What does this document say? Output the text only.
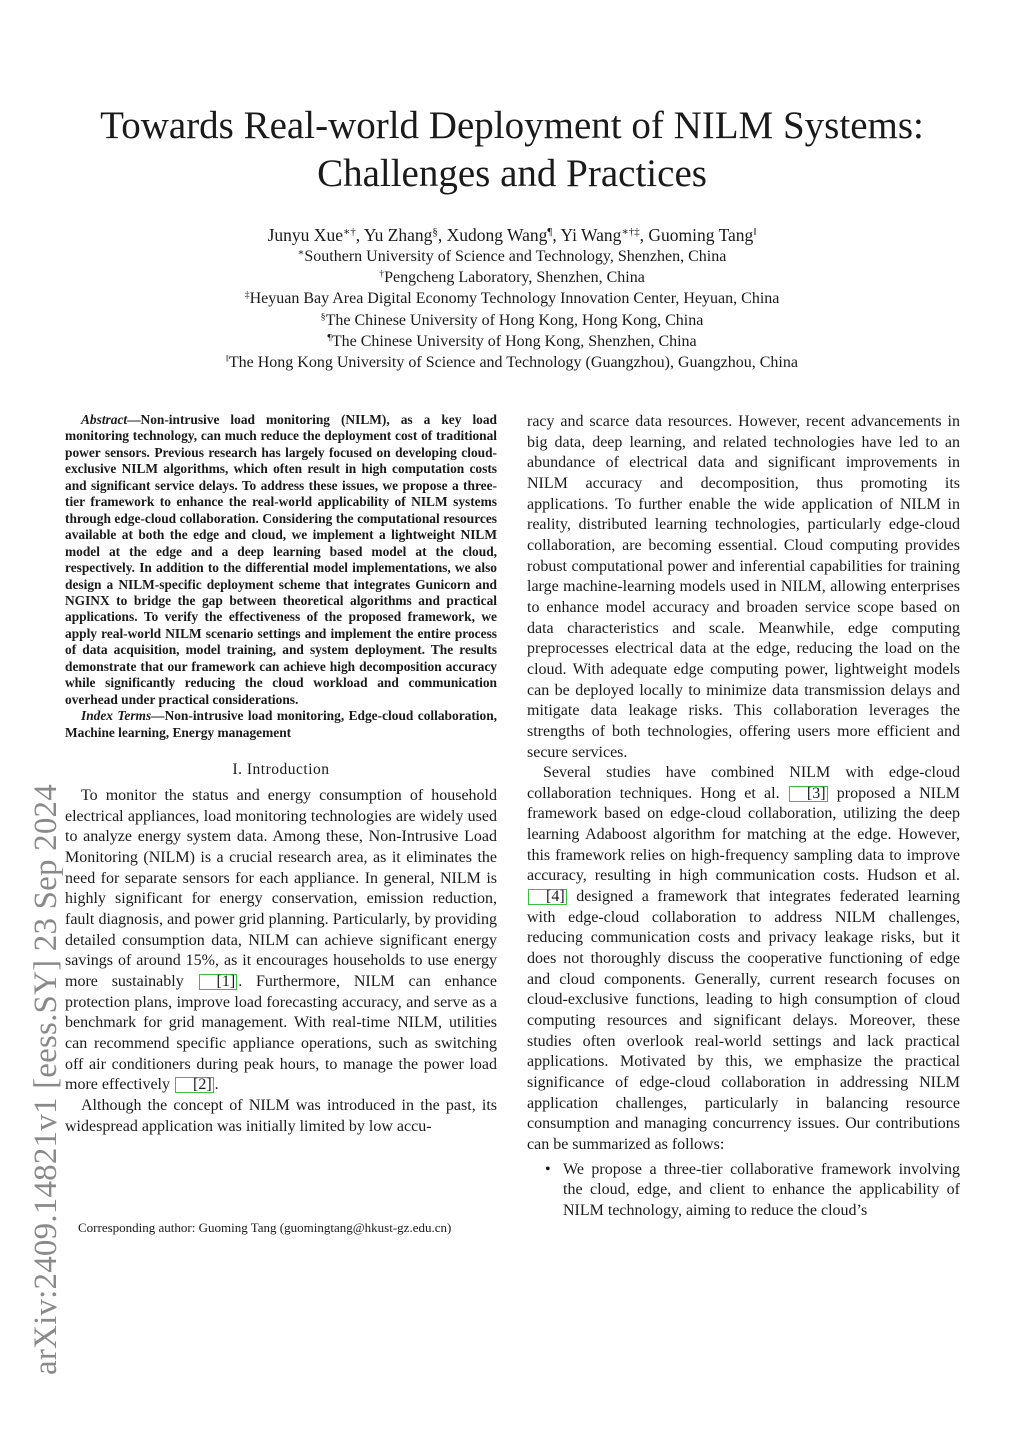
Towards Real-world Deployment of NILM Systems:
Challenges and Practices
Junyu Xue∗†, Yu Zhang§, Xudong Wang¶, Yi Wang∗†‡, Guoming Tang‖
∗Southern University of Science and Technology, Shenzhen, China
†Pengcheng Laboratory, Shenzhen, China
‡Heyuan Bay Area Digital Economy Technology Innovation Center, Heyuan, China
§The Chinese University of Hong Kong, Hong Kong, China
¶The Chinese University of Hong Kong, Shenzhen, China
‖The Hong Kong University of Science and Technology (Guangzhou), Guangzhou, China
arXiv:2409.14821v1 [eess.SY] 23 Sep 2024

Abstract—Non-intrusive load monitoring (NILM), as a key load monitoring technology, can much reduce the deployment cost of traditional power sensors. Previous research has largely focused on developing cloud-exclusive NILM algorithms, which often result in high computation costs and significant service delays. To address these issues, we propose a three-tier framework to enhance the real-world applicability of NILM systems through edge-cloud collaboration. Considering the computational resources available at both the edge and cloud, we implement a lightweight NILM model at the edge and a deep learning based model at the cloud, respectively. In addition to the differential model implementations, we also design a NILM-specific deployment scheme that integrates Gunicorn and NGINX to bridge the gap between theoretical algorithms and practical applications. To verify the effectiveness of the proposed framework, we apply real-world NILM scenario settings and implement the entire process of data acquisition, model training, and system deployment. The results demonstrate that our framework can achieve high decomposition accuracy while significantly reducing the cloud workload and communication overhead under practical considerations.

Index Terms—Non-intrusive load monitoring, Edge-cloud collaboration, Machine learning, Energy management

I. Introduction

To monitor the status and energy consumption of household electrical appliances, load monitoring technologies are widely used to analyze energy system data. Among these, Non-Intrusive Load Monitoring (NILM) is a crucial research area, as it eliminates the need for separate sensors for each appliance. In general, NILM is highly significant for energy conservation, emission reduction, fault diagnosis, and power grid planning. Particularly, by providing detailed consumption data, NILM can achieve significant energy savings of around 15%, as it encourages households to use energy more sustainably [1] . Furthermore, NILM can enhance protection plans, improve load forecasting accuracy, and serve as a benchmark for grid management. With real-time NILM, utilities can recommend specific appliance operations, such as switching off air conditioners during peak hours, to manage the power load more effectively [2] .

Although the concept of NILM was introduced in the past, its widespread application was initially limited by low accu-

Corresponding author: Guoming Tang (guomingtang@hkust-gz.edu.cn)

racy and scarce data resources. However, recent advancements in big data, deep learning, and related technologies have led to an abundance of electrical data and significant improvements in NILM accuracy and decomposition, thus promoting its applications. To further enable the wide application of NILM in reality, distributed learning technologies, particularly edge-cloud collaboration, are becoming essential. Cloud computing provides robust computational power and inferential capabilities for training large machine-learning models used in NILM, allowing enterprises to enhance model accuracy and broaden service scope based on data characteristics and scale. Meanwhile, edge computing preprocesses electrical data at the edge, reducing the load on the cloud. With adequate edge computing power, lightweight models can be deployed locally to minimize data transmission delays and mitigate data leakage risks. This collaboration leverages the strengths of both technologies, offering users more efficient and secure services.

Several studies have combined NILM with edge-cloud collaboration techniques. Hong et al. [3] proposed a NILM framework based on edge-cloud collaboration, utilizing the deep learning Adaboost algorithm for matching at the edge. However, this framework relies on high-frequency sampling data to improve accuracy, resulting in high communication costs. Hudson et al. [4] designed a framework that integrates federated learning with edge-cloud collaboration to address NILM challenges, reducing communication costs and privacy leakage risks, but it does not thoroughly discuss the cooperative functioning of edge and cloud components. Generally, current research focuses on cloud-exclusive functions, leading to high consumption of cloud computing resources and significant delays. Moreover, these studies often overlook real-world settings and lack practical applications. Motivated by this, we emphasize the practical significance of edge-cloud collaboration in addressing NILM application challenges, particularly in balancing resource consumption and managing concurrency issues. Our contributions can be summarized as follows:

• We propose a three-tier collaborative framework involving the cloud, edge, and client to enhance the applicability of NILM technology, aiming to reduce the cloud’s
